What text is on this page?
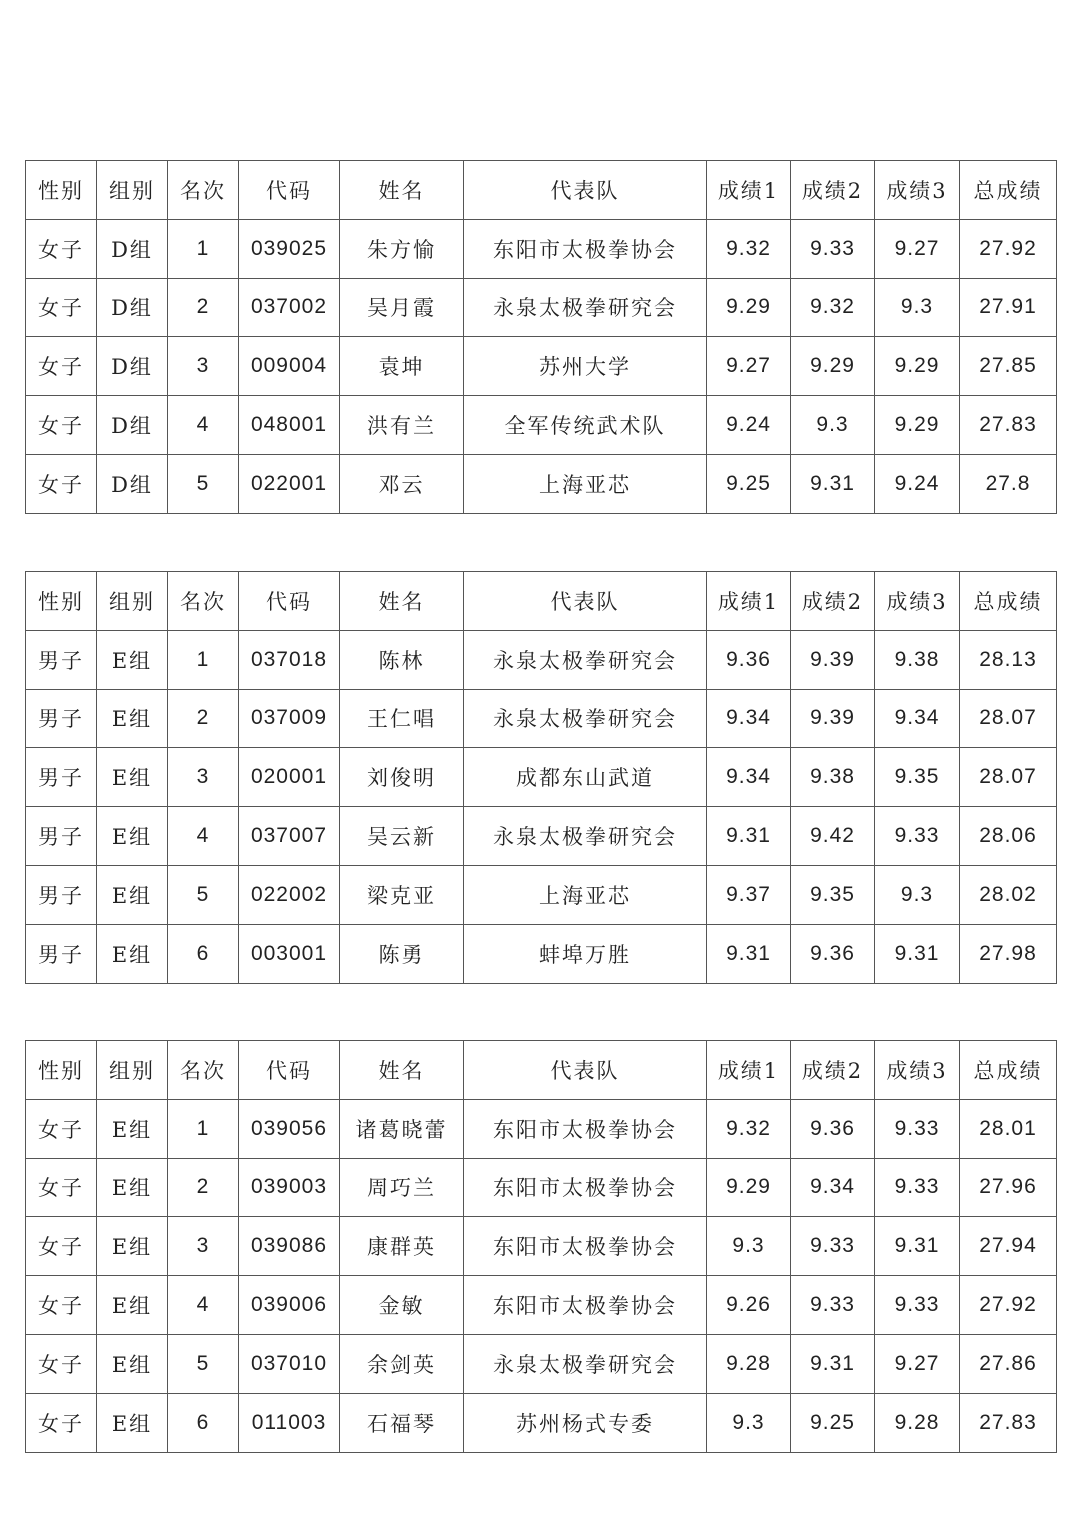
性别	组别	名次	代码	姓名	代表队	成绩1	成绩2	成绩3	总成绩
女子	D组	1	039025	朱方愉	东阳市太极拳协会	9.32	9.33	9.27	27.92
女子	D组	2	037002	吴月霞	永泉太极拳研究会	9.29	9.32	9.3	27.91
女子	D组	3	009004	袁坤	苏州大学	9.27	9.29	9.29	27.85
女子	D组	4	048001	洪有兰	全军传统武术队	9.24	9.3	9.29	27.83
女子	D组	5	022001	邓云	上海亚芯	9.25	9.31	9.24	27.8
性别	组别	名次	代码	姓名	代表队	成绩1	成绩2	成绩3	总成绩
男子	E组	1	037018	陈林	永泉太极拳研究会	9.36	9.39	9.38	28.13
男子	E组	2	037009	王仁唱	永泉太极拳研究会	9.34	9.39	9.34	28.07
男子	E组	3	020001	刘俊明	成都东山武道	9.34	9.38	9.35	28.07
男子	E组	4	037007	吴云新	永泉太极拳研究会	9.31	9.42	9.33	28.06
男子	E组	5	022002	梁克亚	上海亚芯	9.37	9.35	9.3	28.02
男子	E组	6	003001	陈勇	蚌埠万胜	9.31	9.36	9.31	27.98
性别	组别	名次	代码	姓名	代表队	成绩1	成绩2	成绩3	总成绩
女子	E组	1	039056	诸葛晓蕾	东阳市太极拳协会	9.32	9.36	9.33	28.01
女子	E组	2	039003	周巧兰	东阳市太极拳协会	9.29	9.34	9.33	27.96
女子	E组	3	039086	康群英	东阳市太极拳协会	9.3	9.33	9.31	27.94
女子	E组	4	039006	金敏	东阳市太极拳协会	9.26	9.33	9.33	27.92
女子	E组	5	037010	余剑英	永泉太极拳研究会	9.28	9.31	9.27	27.86
女子	E组	6	011003	石福琴	苏州杨式专委	9.3	9.25	9.28	27.83
